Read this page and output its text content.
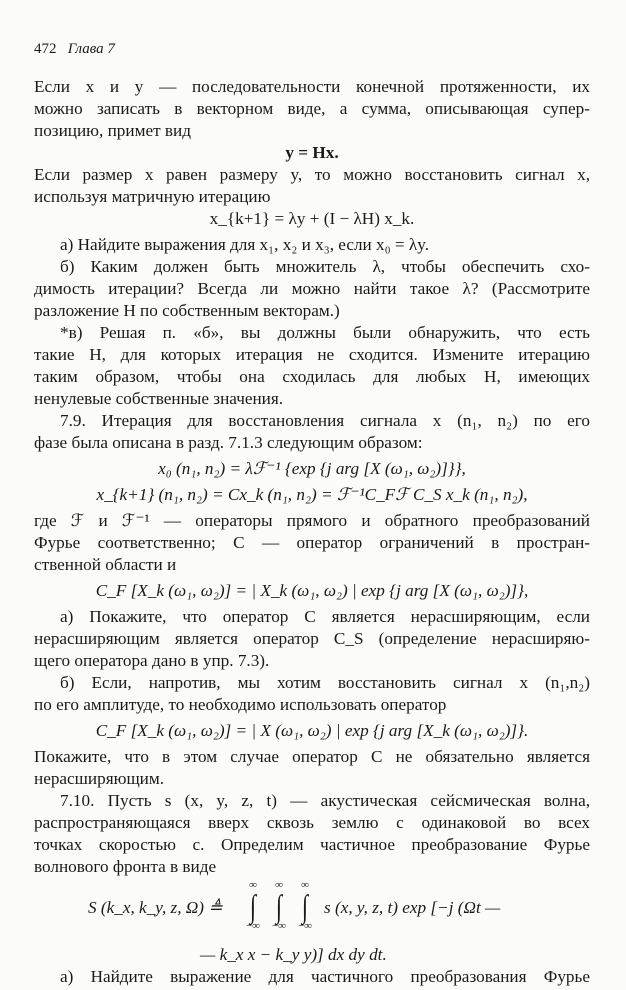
472 Глава 7
Если x и y — последовательности конечной протяженности, их
можно записать в векторном виде, а сумма, описывающая супер-
позицию, примет вид
y = Hx.
Если размер x равен размеру y, то можно восстановить сигнал x,
используя матричную итерацию
x_{k+1} = λy + (I − λH) x_k.
а) Найдите выражения для x₁, x₂ и x₃, если x₀ = λy.
б) Каким должен быть множитель λ, чтобы обеспечить схо-
димость итерации? Всегда ли можно найти такое λ? (Рассмотрите
разложение H по собственным векторам.)
*в) Решая п. «б», вы должны были обнаружить, что есть
такие H, для которых итерация не сходится. Измените итерацию
таким образом, чтобы она сходилась для любых H, имеющих
ненулевые собственные значения.
7.9. Итерация для восстановления сигнала x (n₁, n₂) по его
фазе была описана в разд. 7.1.3 следующим образом:
x₀ (n₁, n₂) = λℱ⁻¹ {exp {j arg [X (ω₁, ω₂)]}},
x_{k+1} (n₁, n₂) = Cx_k (n₁, n₂) = ℱ⁻¹C_Fℱ C_S x_k (n₁, n₂),
где ℱ и ℱ⁻¹ — операторы прямого и обратного преобразований
Фурье соответственно; C — оператор ограничений в простран-
ственной области и
C_F [X_k (ω₁, ω₂)] = | X_k (ω₁, ω₂) | exp {j arg [X (ω₁, ω₂)]},
а) Покажите, что оператор C является нерасширяющим, если
нерасширяющим является оператор C_S (определение нерасширяю-
щего оператора дано в упр. 7.3).
б) Если, напротив, мы хотим восстановить сигнал x (n₁,n₂)
по его амплитуде, то необходимо использовать оператор
C_F [X_k (ω₁, ω₂)] = | X (ω₁, ω₂) | exp {j arg [X_k (ω₁, ω₂)]}.
Покажите, что в этом случае оператор C не обязательно является
нерасширяющим.
7.10. Пусть s (x, y, z, t) — акустическая сейсмическая волна,
распространяющаяся вверх сквозь землю с одинаковой во всех
точках скоростью c. Определим частичное преобразование Фурье
волнового фронта в виде
S (k_x, k_y, z, Ω) ≜
∞
∫
−∞
∞
∫
−∞
∞
∫
−∞
s (x, y, z, t) exp [−j (Ωt —
— k_x x − k_y y)] dx dy dt.
а) Найдите выражение для частичного преобразования Фурье
